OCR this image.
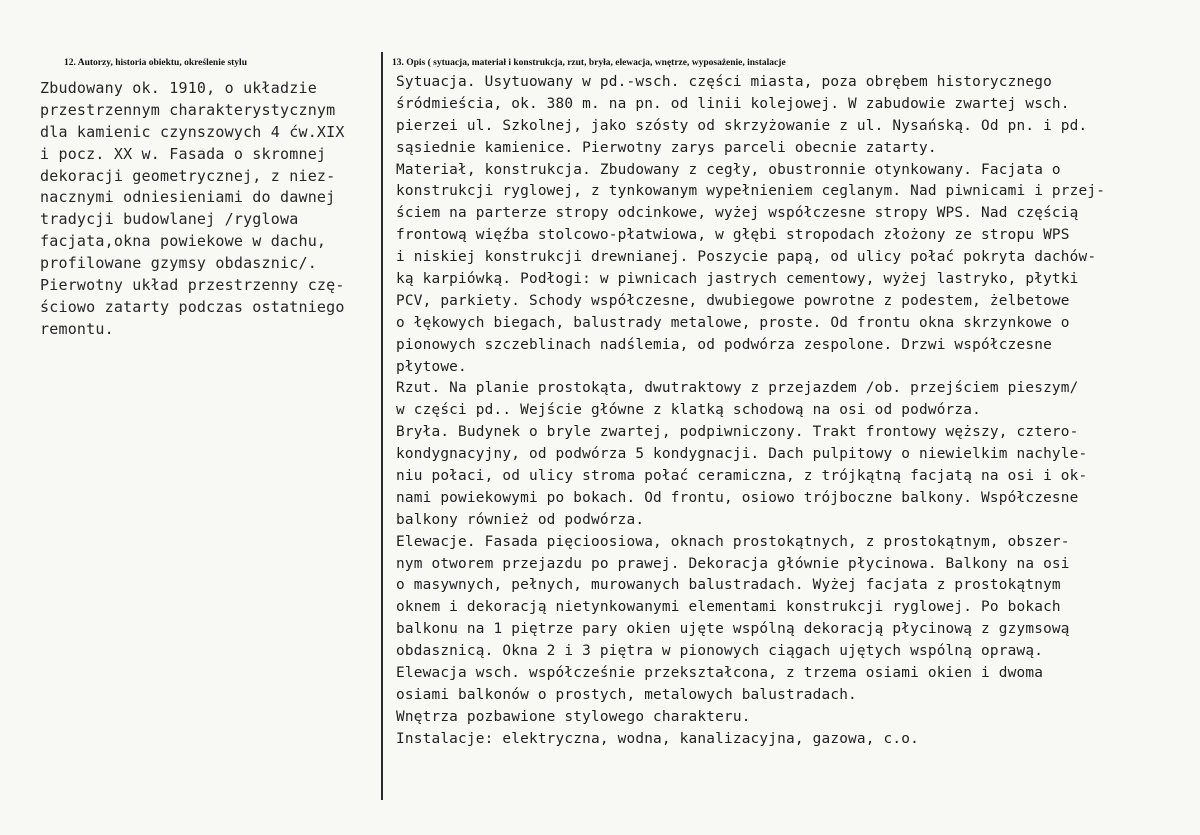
12. Autorzy, historia obiektu, określenie stylu	13. Opis ( sytuacja, materiał i konstrukcja, rzut, bryła, elewacja, wnętrze, wyposażenie, instalacje
Zbudowany ok. 1910, o układzie
przestrzennym charakterystycznym
dla kamienic czynszowych 4 ćw.XIX
i pocz. XX w. Fasada o skromnej
dekoracji geometrycznej, z niez-
nacznymi odniesieniami do dawnej
tradycji budowlanej /ryglowa
facjata,okna powiekowe w dachu,
profilowane gzymsy obdasznic/.
Pierwotny układ przestrzenny czę-
ściowo zatarty podczas ostatniego
remontu.
Sytuacja. Usytuowany w pd.-wsch. części miasta, poza obrębem historycznego
śródmieścia, ok. 380 m. na pn. od linii kolejowej. W zabudowie zwartej wsch.
pierzei ul. Szkolnej, jako szósty od skrzyżowanie z ul. Nysańską. Od pn. i pd.
sąsiednie kamienice. Pierwotny zarys parceli obecnie zatarty.
Materiał, konstrukcja. Zbudowany z cegły, obustronnie otynkowany. Facjata o
konstrukcji ryglowej, z tynkowanym wypełnieniem ceglanym. Nad piwnicami i przej-
ściem na parterze stropy odcinkowe, wyżej współczesne stropy WPS. Nad częścią
frontową więźba stolcowo-płatwiowa, w głębi stropodach złożony ze stropu WPS
i niskiej konstrukcji drewnianej. Poszycie papą, od ulicy połać pokryta dachów-
ką karpiówką. Podłogi: w piwnicach jastrych cementowy, wyżej lastryko, płytki
PCV, parkiety. Schody współczesne, dwubiegowe powrotne z podestem, żelbetowe
o łękowych biegach, balustrady metalowe, proste. Od frontu okna skrzynkowe o
pionowych szczeblinach nadślemia, od podwórza zespolone. Drzwi współczesne
płytowe.
Rzut. Na planie prostokąta, dwutraktowy z przejazdem /ob. przejściem pieszym/
w części pd.. Wejście główne z klatką schodową na osi od podwórza.
Bryła. Budynek o bryle zwartej, podpiwniczony. Trakt frontowy węższy, cztero-
kondygnacyjny, od podwórza 5 kondygnacji. Dach pulpitowy o niewielkim nachyle-
niu połaci, od ulicy stroma połać ceramiczna, z trójkątną facjatą na osi i ok-
nami powiekowymi po bokach. Od frontu, osiowo trójboczne balkony. Współczesne
balkony również od podwórza.
Elewacje. Fasada pięcioosiowa, oknach prostokątnych, z prostokątnym, obszer-
nym otworem przejazdu po prawej. Dekoracja głównie płycinowa. Balkony na osi
o masywnych, pełnych, murowanych balustradach. Wyżej facjata z prostokątnym
oknem i dekoracją nietynkowanymi elementami konstrukcji ryglowej. Po bokach
balkonu na 1 piętrze pary okien ujęte wspólną dekoracją płycinową z gzymsową
obdasznicą. Okna 2 i 3 piętra w pionowych ciągach ujętych wspólną oprawą.
Elewacja wsch. współcześnie przekształcona, z trzema osiami okien i dwoma
osiami balkonów o prostych, metalowych balustradach.
Wnętrza pozbawione stylowego charakteru.
Instalacje: elektryczna, wodna, kanalizacyjna, gazowa, c.o.
